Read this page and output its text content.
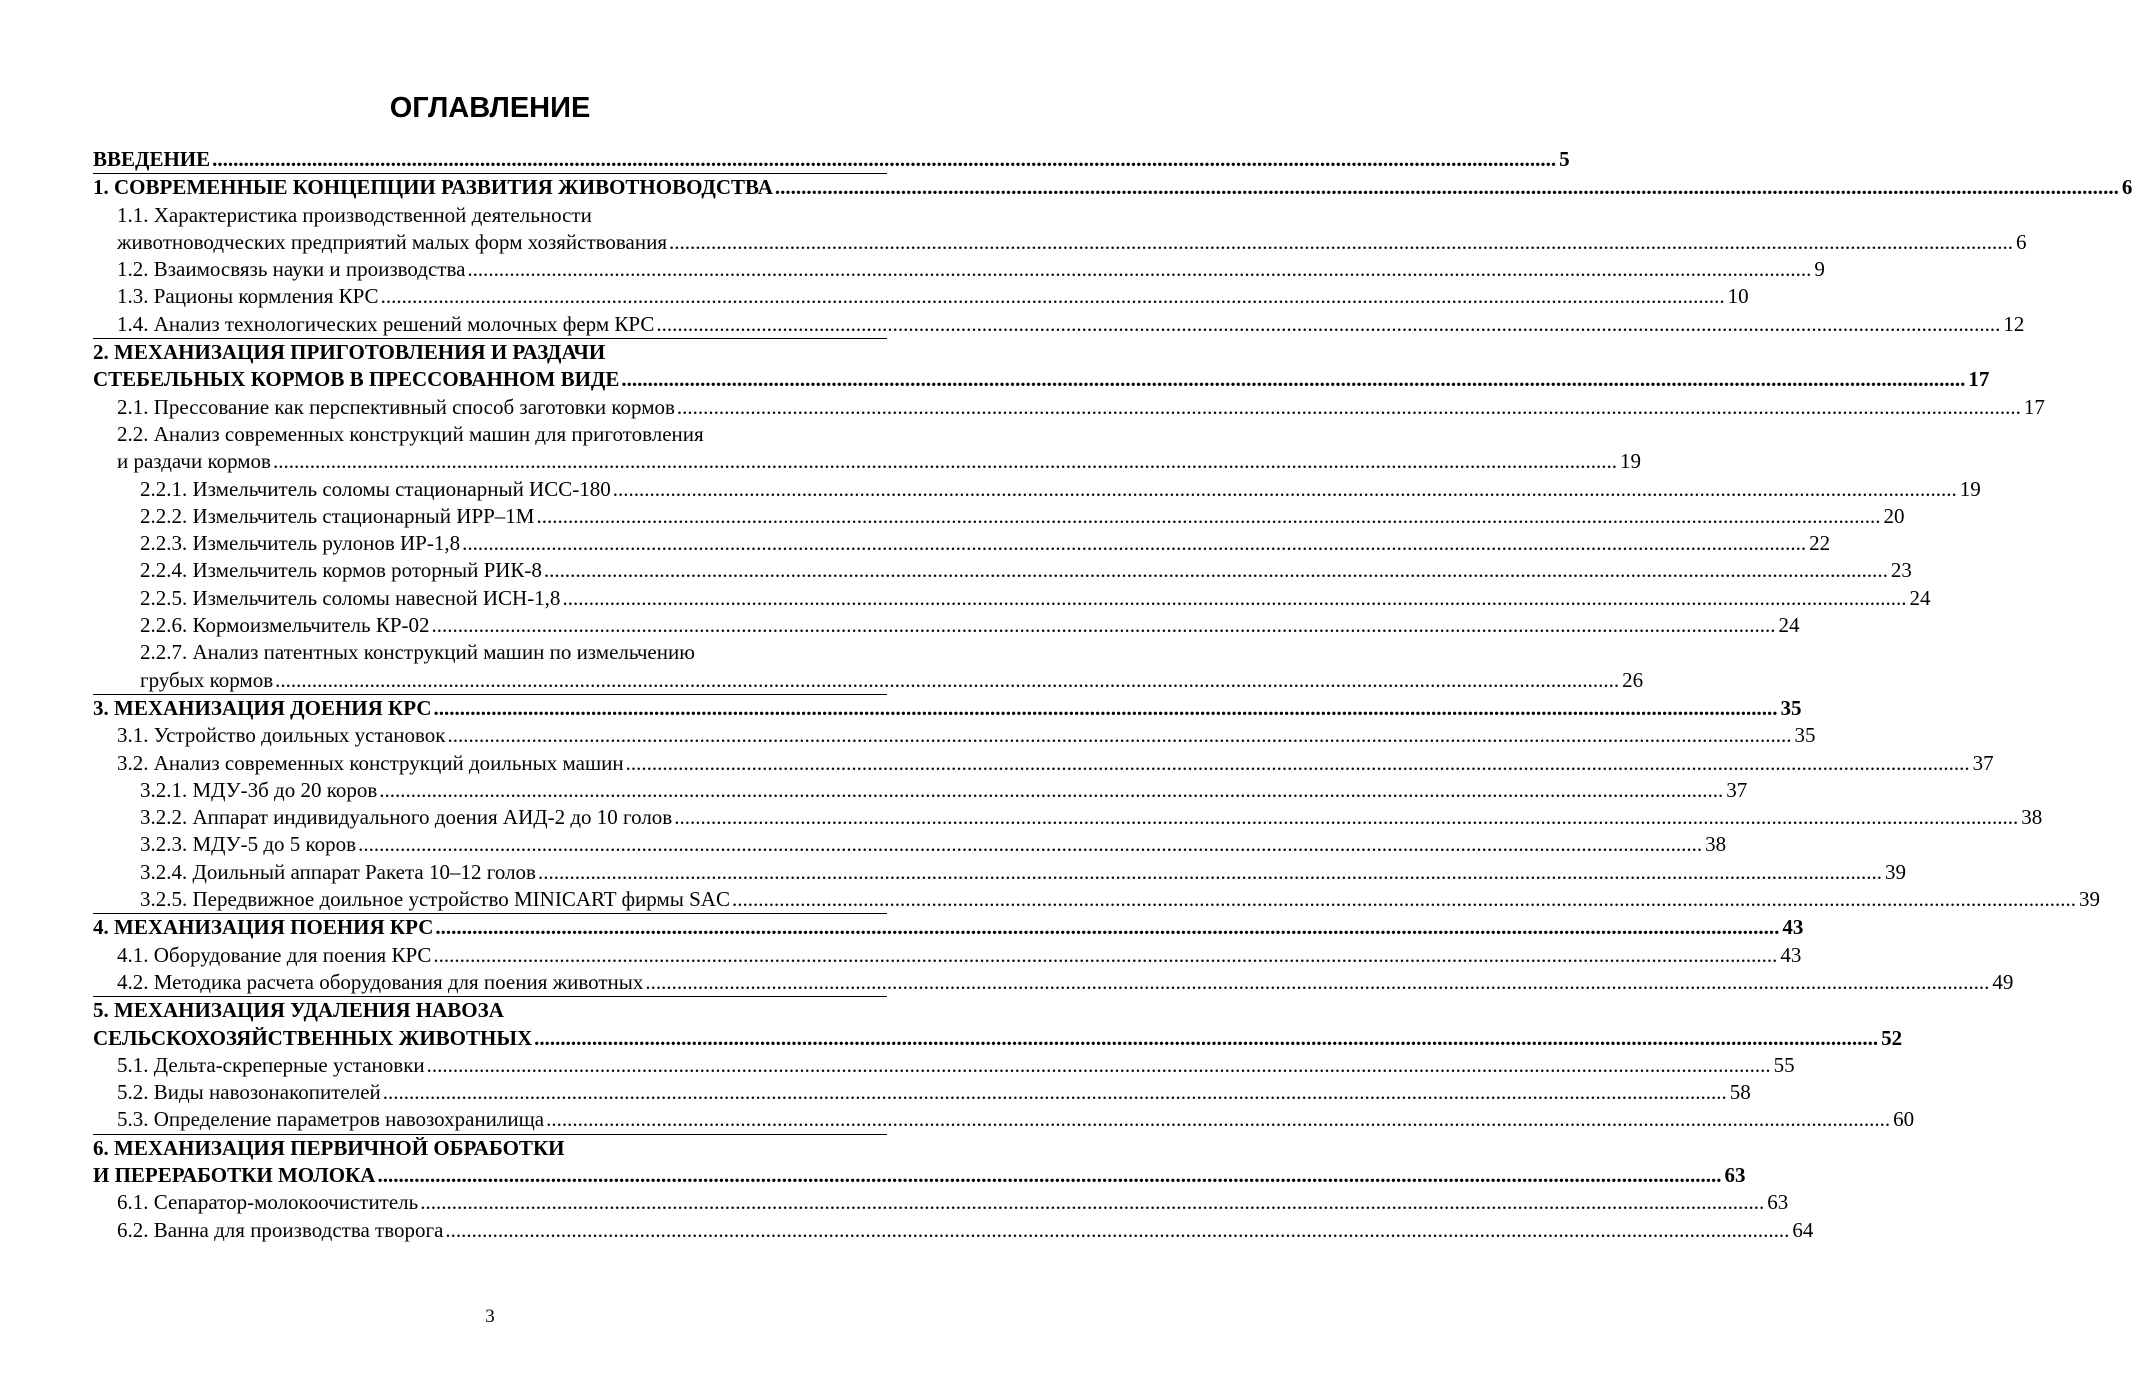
ОГЛАВЛЕНИЕ
ВВЕДЕНИЕ .....	5
1. СОВРЕМЕННЫЕ КОНЦЕПЦИИ РАЗВИТИЯ ЖИВОТНОВОДСТВА .....	6
1.1. Характеристика производственной деятельности
животноводческих предприятий малых форм хозяйствования .....	6
1.2. Взаимосвязь науки и производства .....	9
1.3. Рационы кормления КРС .....	10
1.4. Анализ технологических решений молочных ферм КРС .....	12
2. МЕХАНИЗАЦИЯ ПРИГОТОВЛЕНИЯ И РАЗДАЧИ
СТЕБЕЛЬНЫХ КОРМОВ В ПРЕССОВАННОМ ВИДЕ .....	17
2.1. Прессование как перспективный способ заготовки кормов .....	17
2.2. Анализ современных конструкций машин для приготовления
и раздачи кормов .....	19
2.2.1. Измельчитель соломы стационарный ИСС-180 .....	19
2.2.2. Измельчитель стационарный ИРР–1М .....	20
2.2.3. Измельчитель рулонов ИР-1,8 .....	22
2.2.4. Измельчитель кормов роторный РИК-8 .....	23
2.2.5. Измельчитель соломы навесной ИСН-1,8 .....	24
2.2.6. Кормоизмельчитель КР-02 .....	24
2.2.7. Анализ патентных конструкций машин по измельчению
грубых кормов .....	26
3. МЕХАНИЗАЦИЯ ДОЕНИЯ КРС .....	35
3.1. Устройство доильных установок .....	35
3.2. Анализ современных конструкций доильных машин .....	37
3.2.1. МДУ-3б до 20 коров .....	37
3.2.2. Аппарат индивидуального доения АИД-2 до 10 голов .....	38
3.2.3. МДУ-5 до 5 коров .....	38
3.2.4. Доильный аппарат Ракета 10–12 голов .....	39
3.2.5. Передвижное доильное устройство MINICART фирмы SAC .....	39
4. МЕХАНИЗАЦИЯ ПОЕНИЯ КРС .....	43
4.1. Оборудование для поения КРС .....	43
4.2. Методика расчета оборудования для поения животных .....	49
5. МЕХАНИЗАЦИЯ УДАЛЕНИЯ НАВОЗА
СЕЛЬСКОХОЗЯЙСТВЕННЫХ ЖИВОТНЫХ .....	52
5.1. Дельта-скреперные установки .....	55
5.2. Виды навозонакопителей .....	58
5.3. Определение параметров навозохранилища .....	60
6. МЕХАНИЗАЦИЯ ПЕРВИЧНОЙ ОБРАБОТКИ
И ПЕРЕРАБОТКИ МОЛОКА .....	63
6.1. Сепаратор-молокоочиститель .....	63
6.2. Ванна для производства творога .....	64
3
